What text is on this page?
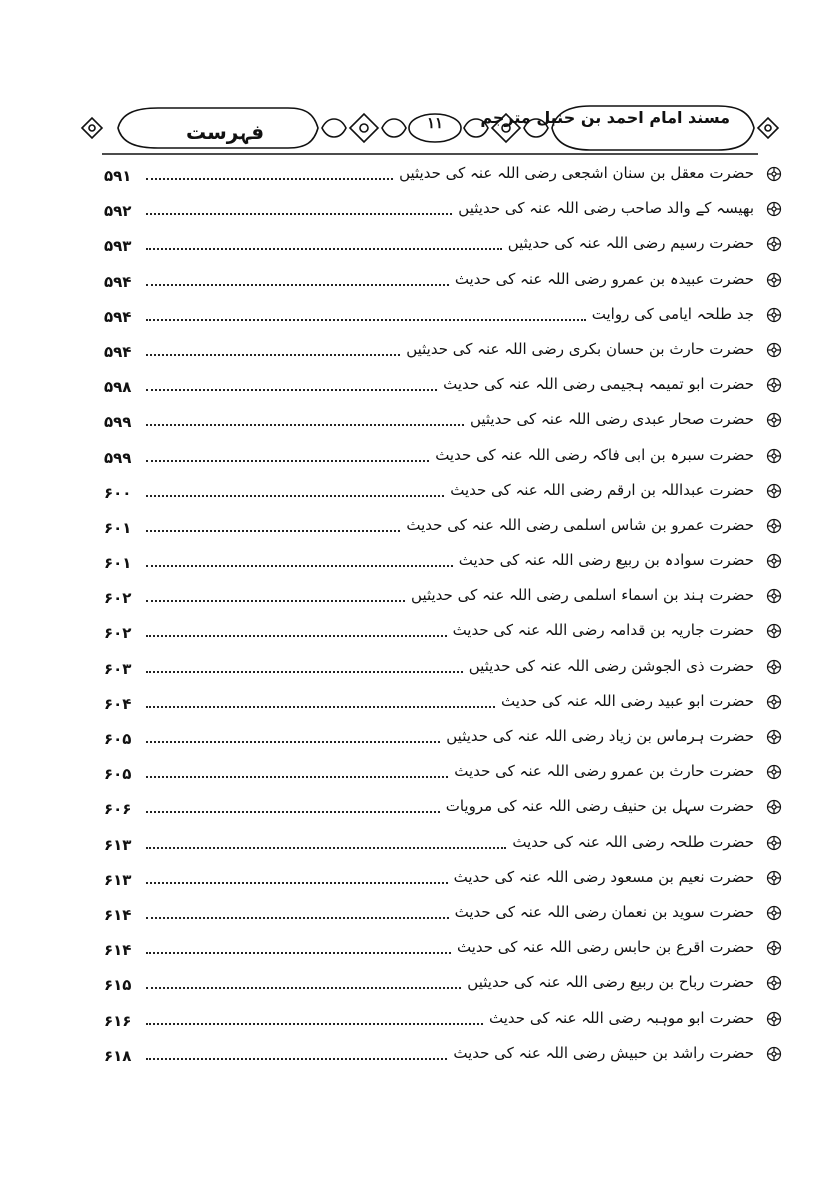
مسند امام احمد بن حنبل مترجم
١١
فہرست
حضرت معقل بن سنان اشجعی رضی اللہ عنہ کی حدیثیں
۵۹۱
بھیسہ کے والد صاحب رضی اللہ عنہ کی حدیثیں
۵۹۲
حضرت رسیم رضی اللہ عنہ کی حدیثیں
۵۹۳
حضرت عبیدہ بن عمرو رضی اللہ عنہ کی حدیث
۵۹۴
جد طلحہ ایامی کی روایت
۵۹۴
حضرت حارث بن حسان بکری رضی اللہ عنہ کی حدیثیں
۵۹۴
حضرت ابو تمیمہ ہجیمی رضی اللہ عنہ کی حدیث
۵۹۸
حضرت صحار عبدی رضی اللہ عنہ کی حدیثیں
۵۹۹
حضرت سبرہ بن ابی فاکہ رضی اللہ عنہ کی حدیث
۵۹۹
حضرت عبداللہ بن ارقم رضی اللہ عنہ کی حدیث
۶۰۰
حضرت عمرو بن شاس اسلمی رضی اللہ عنہ کی حدیث
۶۰۱
حضرت سوادہ بن ربیع رضی اللہ عنہ کی حدیث
۶۰۱
حضرت ہند بن اسماء اسلمی رضی اللہ عنہ کی حدیثیں
۶۰۲
حضرت جاریہ بن قدامہ رضی اللہ عنہ کی حدیث
۶۰۲
حضرت ذی الجوشن رضی اللہ عنہ کی حدیثیں
۶۰۳
حضرت ابو عبید رضی اللہ عنہ کی حدیث
۶۰۴
حضرت ہرماس بن زیاد رضی اللہ عنہ کی حدیثیں
۶۰۵
حضرت حارث بن عمرو رضی اللہ عنہ کی حدیث
۶۰۵
حضرت سہل بن حنیف رضی اللہ عنہ کی مرویات
۶۰۶
حضرت طلحہ رضی اللہ عنہ کی حدیث
۶۱۳
حضرت نعیم بن مسعود رضی اللہ عنہ کی حدیث
۶۱۳
حضرت سوید بن نعمان رضی اللہ عنہ کی حدیث
۶۱۴
حضرت اقرع بن حابس رضی اللہ عنہ کی حدیث
۶۱۴
حضرت رباح بن ربیع رضی اللہ عنہ کی حدیثیں
۶۱۵
حضرت ابو موہبہ رضی اللہ عنہ کی حدیث
۶۱۶
حضرت راشد بن حبیش رضی اللہ عنہ کی حدیث
۶۱۸
